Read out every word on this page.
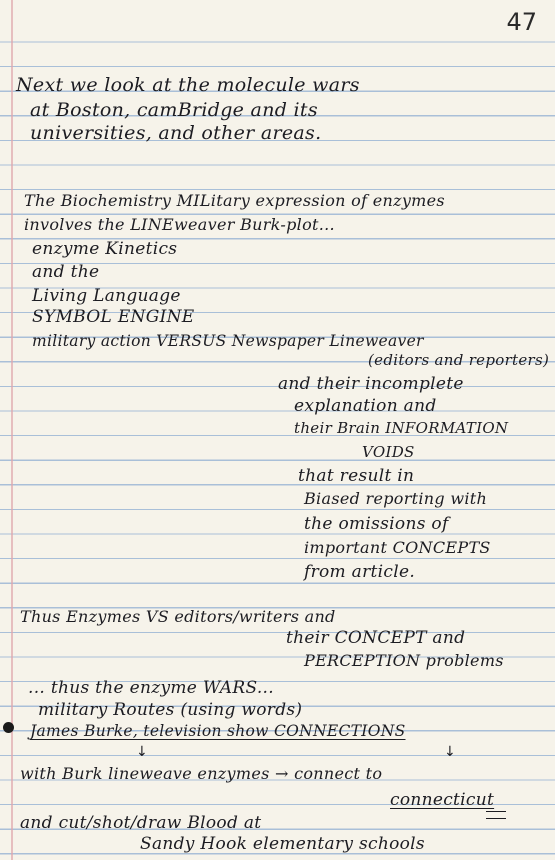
47
Next we look at the molecule wars
at Boston, camBridge and its
universities, and other areas.
The Biochemistry MILitary expression of enzymes
involves the LINEweaver Burk-plot...
enzyme Kinetics
and the
Living Language
SYMBOL ENGINE
military action VERSUS Newspaper Lineweaver
(editors and reporters)
and their incomplete
explanation and
their Brain INFORMATION
VOIDS
that result in
Biased reporting with
the omissions of
important CONCEPTS
from article.
Thus Enzymes VS editors/writers and
their CONCEPT and
PERCEPTION problems
... thus the enzyme WARS...
military Routes (using words)
James Burke, television show CONNECTIONS
↓	↓
with Burk lineweave enzymes → connect to
connecticut
and cut/shot/draw Blood at
Sandy Hook elementary schools
